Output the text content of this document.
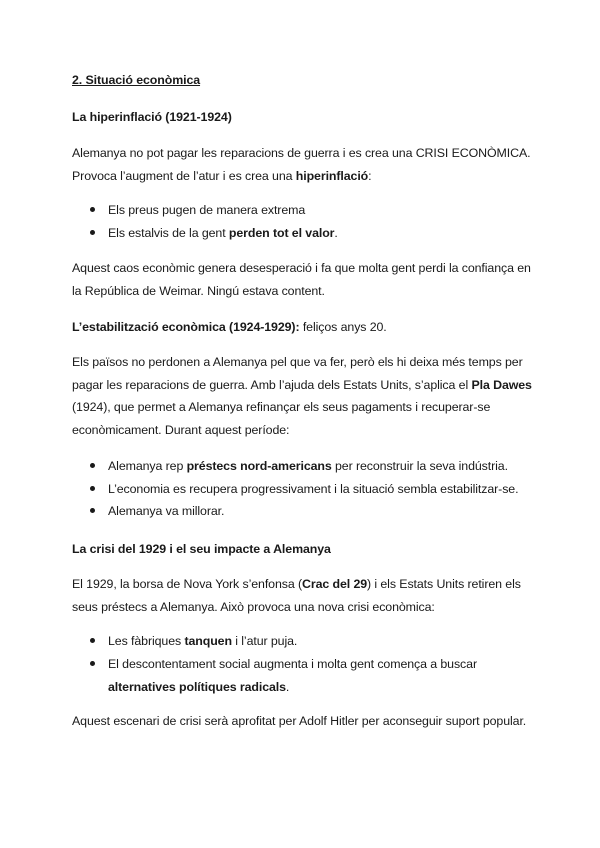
2. Situació econòmica
La hiperinflació (1921-1924)
Alemanya no pot pagar les reparacions de guerra i es crea una CRISI ECONÒMICA. Provoca l’augment de l’atur i es crea una hiperinflació:
Els preus pugen de manera extrema
Els estalvis de la gent perden tot el valor.
Aquest caos econòmic genera desesperació i fa que molta gent perdi la confiança en la República de Weimar. Ningú estava content.
L’estabilització econòmica (1924-1929): feliços anys 20.
Els països no perdonen a Alemanya pel que va fer, però els hi deixa més temps per pagar les reparacions de guerra. Amb l’ajuda dels Estats Units, s’aplica el Pla Dawes (1924), que permet a Alemanya refinançar els seus pagaments i recuperar-se econòmicament. Durant aquest període:
Alemanya rep préstecs nord-americans per reconstruir la seva indústria.
L’economia es recupera progressivament i la situació sembla estabilitzar-se.
Alemanya va millorar.
La crisi del 1929 i el seu impacte a Alemanya
El 1929, la borsa de Nova York s’enfonsa (Crac del 29) i els Estats Units retiren els seus préstecs a Alemanya. Això provoca una nova crisi econòmica:
Les fàbriques tanquen i l’atur puja.
El descontentament social augmenta i molta gent comença a buscar alternatives polítiques radicals.
Aquest escenari de crisi serà aprofitat per Adolf Hitler per aconseguir suport popular.
